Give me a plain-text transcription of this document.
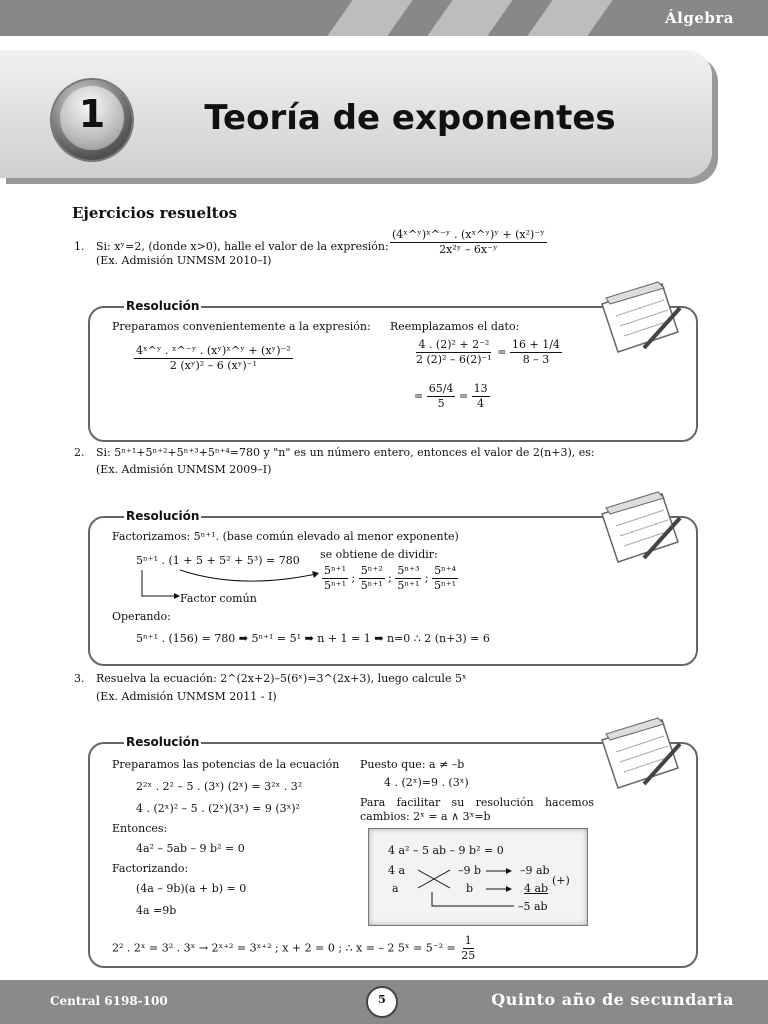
Álgebra
1	Teoría de exponentes
Ejercicios resueltos
1. Si: xʸ=2, (donde x>0), halle el valor de la expresión:
(Ex. Admisión UNMSM 2010–I)
$\frac{\text{(4ˣ\textasciicircum{}ʸ)ˣ\textasciicircum{}⁻ʸ . (xˣ\textasciicircum{}ʸ)ʸ + (x²)⁻ʸ}}{\text{2x²ʸ – 6x⁻ʸ}}$
Resolución
Preparamos convenientemente a la expresión:
$\frac{\text{4ˣ\textasciicircum{}ʸ . ˣ\textasciicircum{}⁻ʸ . (xʸ)ˣ\textasciicircum{}ʸ + (xʸ)⁻²}}{\text{2 (xʸ)² – 6 (xʸ)⁻¹}}$
Reemplazamos el dato:
$\frac{\text{4 . (2)² + 2⁻²}}{\text{2 (2)² – 6(2)⁻¹}} = \frac{16 + 1/4}{8 - 3}$
= $\frac{65/4}{5} = \frac{13}{4}$
2. Si: 5ⁿ⁺¹+5ⁿ⁺²+5ⁿ⁺³+5ⁿ⁺⁴=780 y "n" es un número entero, entonces el valor de 2(n+3), es:
(Ex. Admisión UNMSM 2009–I)
Resolución
Factorizamos: 5ⁿ⁺¹. (base común elevado al menor exponente)
5ⁿ⁺¹ . (1 + 5 + 5² + 5³) = 780 se obtiene de dividir:
$\frac{\text{5ⁿ⁺¹}}{\text{5ⁿ⁺¹}}$ ; $\frac{\text{5ⁿ⁺²}}{\text{5ⁿ⁺¹}}$ ; $\frac{\text{5ⁿ⁺³}}{\text{5ⁿ⁺¹}}$ ; $\frac{\text{5ⁿ⁺⁴}}{\text{5ⁿ⁺¹}}$
Factor común
Operando:
5ⁿ⁺¹ . (156) = 780 ➡ 5ⁿ⁺¹ = 5¹ ➡ n + 1 = 1 ➡ n=0 ∴ 2 (n+3) = 6
3. Resuelva la ecuación: 2^(2x+2)–5(6ˣ)=3^(2x+3), luego calcule 5ˣ
(Ex. Admisión UNMSM 2011 - I)
Resolución
Preparamos las potencias de la ecuación
2²ˣ . 2² – 5 . (3ˣ) (2ˣ) = 3²ˣ . 3²
4 . (2ˣ)² – 5 . (2ˣ)(3ˣ) = 9 (3ˣ)²
Entonces:
4a² – 5ab – 9 b² = 0
Factorizando:
(4a – 9b)(a + b) = 0
4a =9b
Puesto que: a ≠ –b
4 . (2ˣ)=9 . (3ˣ)
Para facilitar su resolución hacemos
cambios: 2ˣ = a ∧ 3ˣ=b
4 a² – 5 ab – 9 b² = 0
4 a
a
–9 b
b
–9 ab
4 ab
–5 ab
(+)
2² . 2ˣ = 3² . 3ˣ → 2ˣ⁺² = 3ˣ⁺² ; x + 2 = 0 ; ∴ x = – 2 5ˣ = $5^{-2} = \frac{1}{25}$
Central 6198-100	5	Quinto año de secundaria
